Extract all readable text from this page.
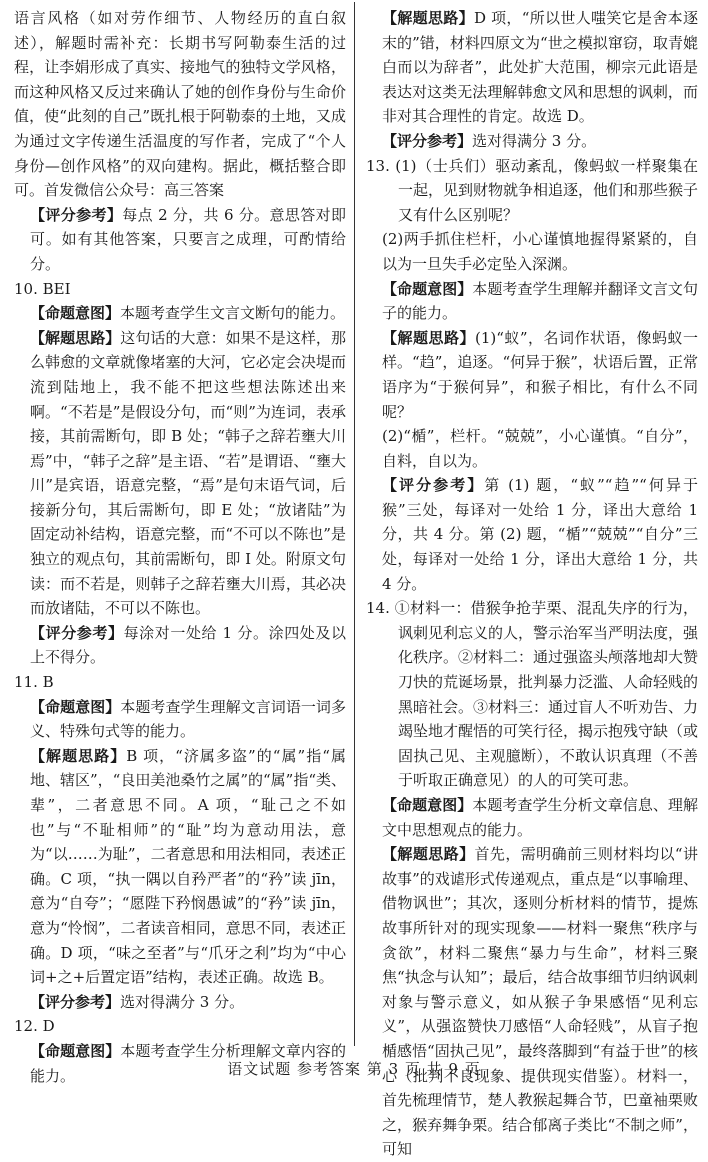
语言风格（如对劳作细节、人物经历的直白叙述），解题时需补充：长期书写阿勒泰生活的过程，让李娟形成了真实、接地气的独特文学风格，而这种风格又反过来确认了她的创作身份与生命价值，使“此刻的自己”既扎根于阿勒泰的土地，又成为通过文字传递生活温度的写作者，完成了“个人身份—创作风格”的双向建构。据此，概括整合即可。首发微信公众号：高三答案

【评分参考】每点 2 分，共 6 分。意思答对即可。如有其他答案，只要言之成理，可酌情给分。

10. BEI

【命题意图】本题考查学生文言文断句的能力。

【解题思路】这句话的大意：如果不是这样，那么韩愈的文章就像堵塞的大河，它必定会决堤而流到陆地上，我不能不把这些想法陈述出来啊。“不若是”是假设分句，而“则”为连词，表承接，其前需断句，即 B 处；“韩子之辞若壅大川焉”中，“韩子之辞”是主语、“若”是谓语、“壅大川”是宾语，语意完整，“焉”是句末语气词，后接新分句，其后需断句，即 E 处；“放诸陆”为固定动补结构，语意完整，而“不可以不陈也”是独立的观点句，其前需断句，即 I 处。附原文句读：而不若是，则韩子之辞若壅大川焉，其必决而放诸陆，不可以不陈也。

【评分参考】每涂对一处给 1 分。涂四处及以上不得分。

11. B

【命题意图】本题考查学生理解文言词语一词多义、特殊句式等的能力。

【解题思路】B 项，“济属多盗”的“属”指“属地、辖区”，“良田美池桑竹之属”的“属”指“类、辈”，二者意思不同。A 项，“耻己之不如也”与“不耻相师”的“耻”均为意动用法，意为“以……为耻”，二者意思和用法相同，表述正确。C 项，“执一隅以自矜严者”的“矜”读 jīn，意为“自夸”；“愿陛下矜悯愚诚”的“矜”读 jīn，意为“怜悯”，二者读音相同，意思不同，表述正确。D 项，“味之至者”与“爪牙之利”均为“中心词+之+后置定语”结构，表述正确。故选 B。

【评分参考】选对得满分 3 分。

12. D

【命题意图】本题考查学生分析理解文章内容的能力。

【解题思路】D 项，“所以世人嗤笑它是舍本逐末的”错，材料四原文为“世之模拟窜窃，取青媲白而以为辞者”，此处扩大范围，柳宗元此语是表达对这类无法理解韩愈文风和思想的讽刺，而非对其合理性的肯定。故选 D。

【评分参考】选对得满分 3 分。

13. (1)（士兵们）驱动紊乱，像蚂蚁一样聚集在一起，见到财物就争相追逐，他们和那些猴子又有什么区别呢？

(2)两手抓住栏杆，小心谨慎地握得紧紧的，自以为一旦失手必定坠入深渊。

【命题意图】本题考查学生理解并翻译文言文句子的能力。

【解题思路】(1)“蚁”，名词作状语，像蚂蚁一样。“趋”，追逐。“何异于猴”，状语后置，正常语序为“于猴何异”，和猴子相比，有什么不同呢？

(2)“楯”，栏杆。“兢兢”，小心谨慎。“自分”，自料，自以为。

【评分参考】第 (1) 题，“蚁”“趋”“何异于猴”三处，每译对一处给 1 分，译出大意给 1 分，共 4 分。第 (2) 题，“楯”“兢兢”“自分”三处，每译对一处给 1 分，译出大意给 1 分，共 4 分。

14. ①材料一：借猴争抢芋栗、混乱失序的行为，讽刺见利忘义的人，警示治军当严明法度，强化秩序。②材料二：通过强盗头颅落地却大赞刀快的荒诞场景，批判暴力泛滥、人命轻贱的黑暗社会。③材料三：通过盲人不听劝告、力竭坠地才醒悟的可笑行径，揭示抱残守缺（或固执己见、主观臆断），不敢认识真理（不善于听取正确意见）的人的可笑可悲。

【命题意图】本题考查学生分析文章信息、理解文中思想观点的能力。

【解题思路】首先，需明确前三则材料均以“讲故事”的戏谑形式传递观点，重点是“以事喻理、借物讽世”；其次，逐则分析材料的情节，提炼故事所针对的现实现象——材料一聚焦“秩序与贪欲”，材料二聚焦“暴力与生命”，材料三聚焦“执念与认知”；最后，结合故事细节归纳讽刺对象与警示意义，如从猴子争果感悟“见利忘义”，从强盗赞快刀感悟“人命轻贱”，从盲子抱楯感悟“固执己见”，最终落脚到“有益于世”的核心（批判不良现象、提供现实借鉴）。材料一，首先梳理情节，楚人教猴起舞合节，巴童袖栗败之，猴弃舞争栗。结合郁离子类比“不制之师”，可知

语文试题 参考答案 第 3 页 共 9 页
